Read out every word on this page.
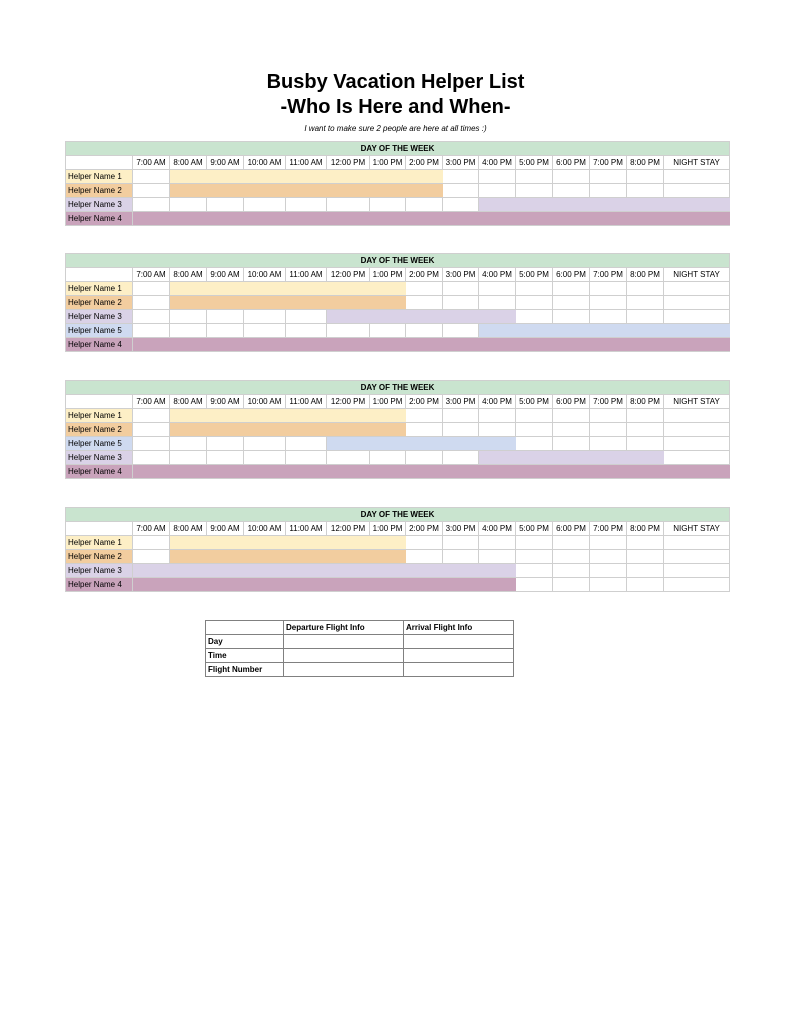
Busby Vacation Helper List
-Who Is Here and When-
I want to make sure 2 people are here at all times :)
DAY OF THE WEEK															
	7:00 AM	8:00 AM	9:00 AM	10:00 AM	11:00 AM	12:00 PM	1:00 PM	2:00 PM	3:00 PM	4:00 PM	5:00 PM	6:00 PM	7:00 PM	8:00 PM	NIGHT STAY
Helper Name 1															
Helper Name 2															
Helper Name 3															
Helper Name 4															
DAY OF THE WEEK															
	7:00 AM	8:00 AM	9:00 AM	10:00 AM	11:00 AM	12:00 PM	1:00 PM	2:00 PM	3:00 PM	4:00 PM	5:00 PM	6:00 PM	7:00 PM	8:00 PM	NIGHT STAY
Helper Name 1															
Helper Name 2															
Helper Name 3															
Helper Name 5															
Helper Name 4															
DAY OF THE WEEK															
	7:00 AM	8:00 AM	9:00 AM	10:00 AM	11:00 AM	12:00 PM	1:00 PM	2:00 PM	3:00 PM	4:00 PM	5:00 PM	6:00 PM	7:00 PM	8:00 PM	NIGHT STAY
Helper Name 1															
Helper Name 2															
Helper Name 5															
Helper Name 3															
Helper Name 4															
DAY OF THE WEEK															
	7:00 AM	8:00 AM	9:00 AM	10:00 AM	11:00 AM	12:00 PM	1:00 PM	2:00 PM	3:00 PM	4:00 PM	5:00 PM	6:00 PM	7:00 PM	8:00 PM	NIGHT STAY
Helper Name 1															
Helper Name 2															
Helper Name 3															
Helper Name 4															
	Departure Flight Info	Arrival Flight Info
Day		
Time		
Flight Number		
